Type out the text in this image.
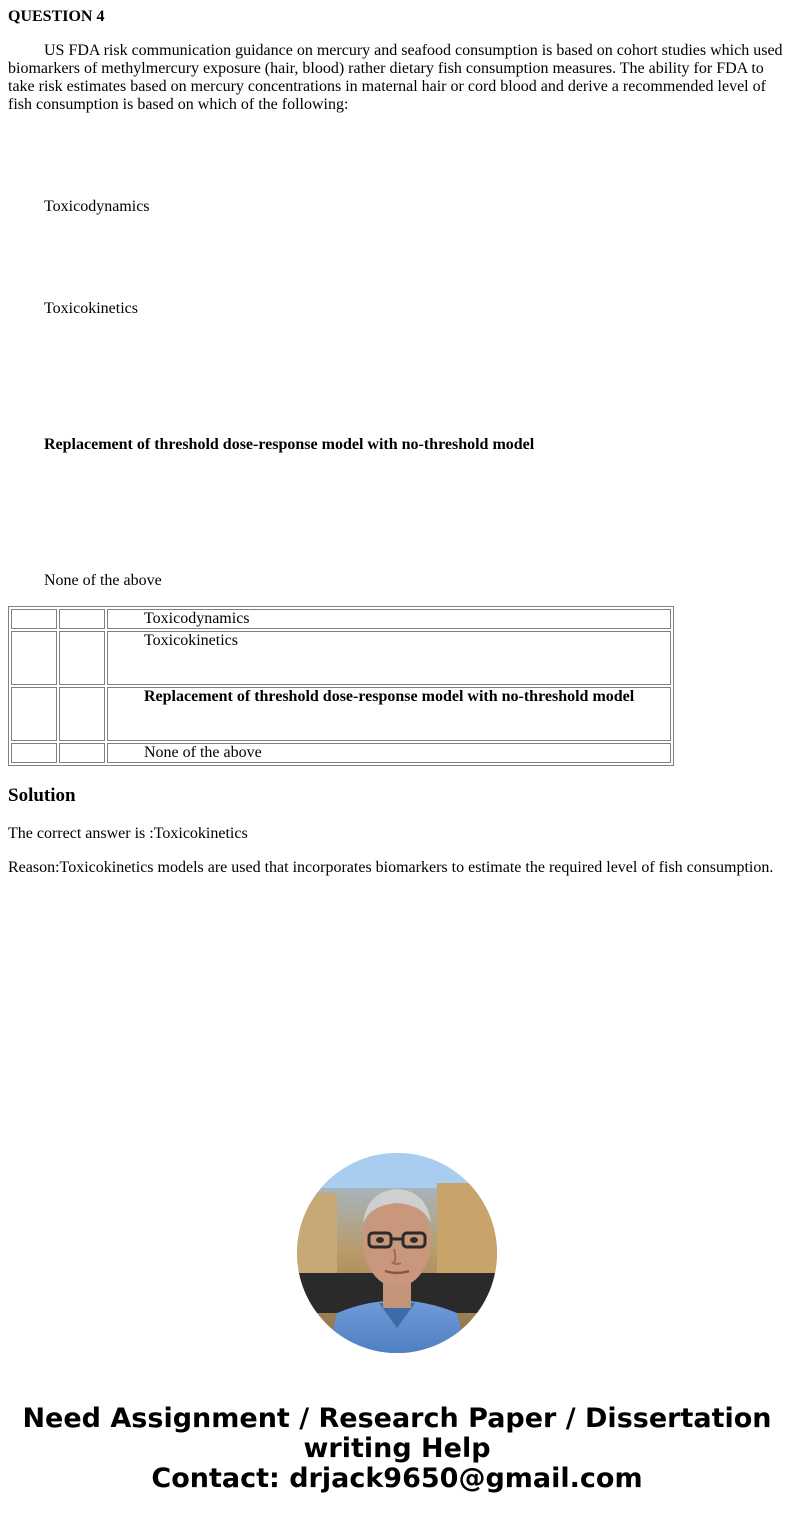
QUESTION 4

US FDA risk communication guidance on mercury and seafood consumption is based on cohort studies which used biomarkers of methylmercury exposure (hair, blood) rather dietary fish consumption measures. The ability for FDA to take risk estimates based on mercury concentrations in maternal hair or cord blood and derive a recommended level of fish consumption is based on which of the following:

Toxicodynamics

Toxicokinetics

Replacement of threshold dose-response model with no-threshold model

None of the above

		Toxicodynamics
		Toxicokinetics
		Replacement of threshold dose-response model with no-threshold model
		None of the above
Solution

The correct answer is :Toxicokinetics

Reason:Toxicokinetics models are used that incorporates biomarkers to estimate the required level of fish consumption.

Need Assignment / Research Paper / Dissertation
writing Help
Contact: drjack9650@gmail.com
